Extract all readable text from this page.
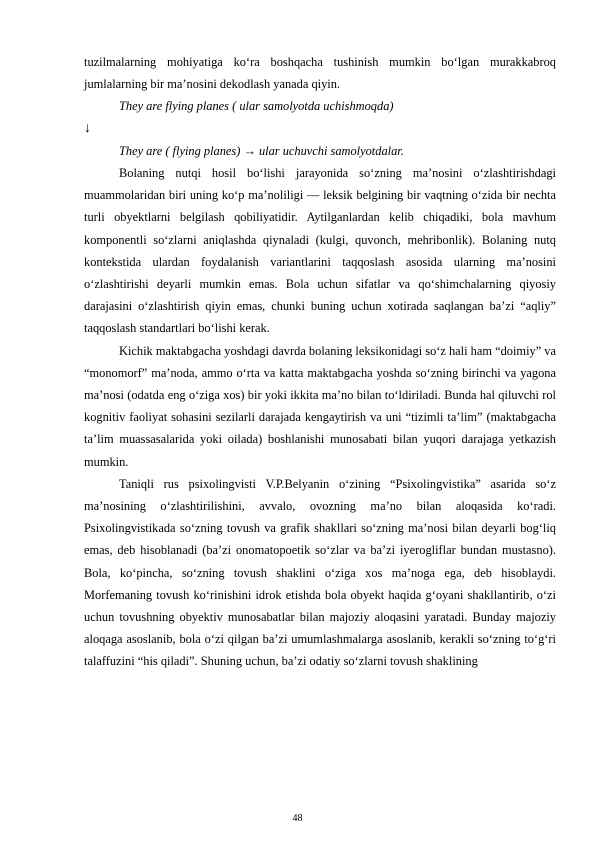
tuzilmalarning mohiyatiga ko‘ra boshqacha tushinish mumkin bo‘lgan murakkabroq jumlalarning bir ma’nosini dekodlash yanada qiyin.

They are flying planes ( ular samolyotda uchishmoqda)

↓

They are ( flying planes) → ular uchuvchi samolyotdalar.

Bolaning nutqi hosil bo‘lishi jarayonida so‘zning ma’nosini o‘zlashtirishdagi muammolaridan biri uning ko‘p ma’noliligi — leksik belgining bir vaqtning o‘zida bir nechta turli obyektlarni belgilash qobiliyatidir. Aytilganlardan kelib chiqadiki, bola mavhum komponentli so‘zlarni aniqlashda qiynaladi (kulgi, quvonch, mehribonlik). Bolaning nutq kontekstida ulardan foydalanish variantlarini taqqoslash asosida ularning ma’nosini o‘zlashtirishi deyarli mumkin emas. Bola uchun sifatlar va qo‘shimchalarning qiyosiy darajasini o‘zlashtirish qiyin emas, chunki buning uchun xotirada saqlangan ba’zi “aqliy” taqqoslash standartlari bo‘lishi kerak.

Kichik maktabgacha yoshdagi davrda bolaning leksikonidagi so‘z hali ham “doimiy” va “monomorf” ma’noda, ammo o‘rta va katta maktabgacha yoshda so‘zning birinchi va yagona ma’nosi (odatda eng o‘ziga xos) bir yoki ikkita ma’no bilan to‘ldiriladi. Bunda hal qiluvchi rol kognitiv faoliyat sohasini sezilarli darajada kengaytirish va uni “tizimli ta’lim” (maktabgacha ta’lim muassasalarida yoki oilada) boshlanishi munosabati bilan yuqori darajaga yetkazish mumkin.

Taniqli rus psixolingvisti V.P.Belyanin o‘zining “Psixolingvistika” asarida so‘z ma’nosining o‘zlashtirilishini, avvalo, ovozning ma’no bilan aloqasida ko‘radi. Psixolingvistikada so‘zning tovush va grafik shakllari so‘zning ma’nosi bilan deyarli bog‘liq emas, deb hisoblanadi (ba’zi onomatopoetik so‘zlar va ba’zi iyerogliflar bundan mustasno). Bola, ko‘pincha, so‘zning tovush shaklini o‘ziga xos ma’noga ega, deb hisoblaydi. Morfemaning tovush ko‘rinishini idrok etishda bola obyekt haqida g‘oyani shakllantirib, o‘zi uchun tovushning obyektiv munosabatlar bilan majoziy aloqasini yaratadi. Bunday majoziy aloqaga asoslanib, bola o‘zi qilgan ba’zi umumlashmalarga asoslanib, kerakli so‘zning to‘g‘ri talaffuzini “his qiladi”. Shuning uchun, ba’zi odatiy so‘zlarni tovush shaklining

48
